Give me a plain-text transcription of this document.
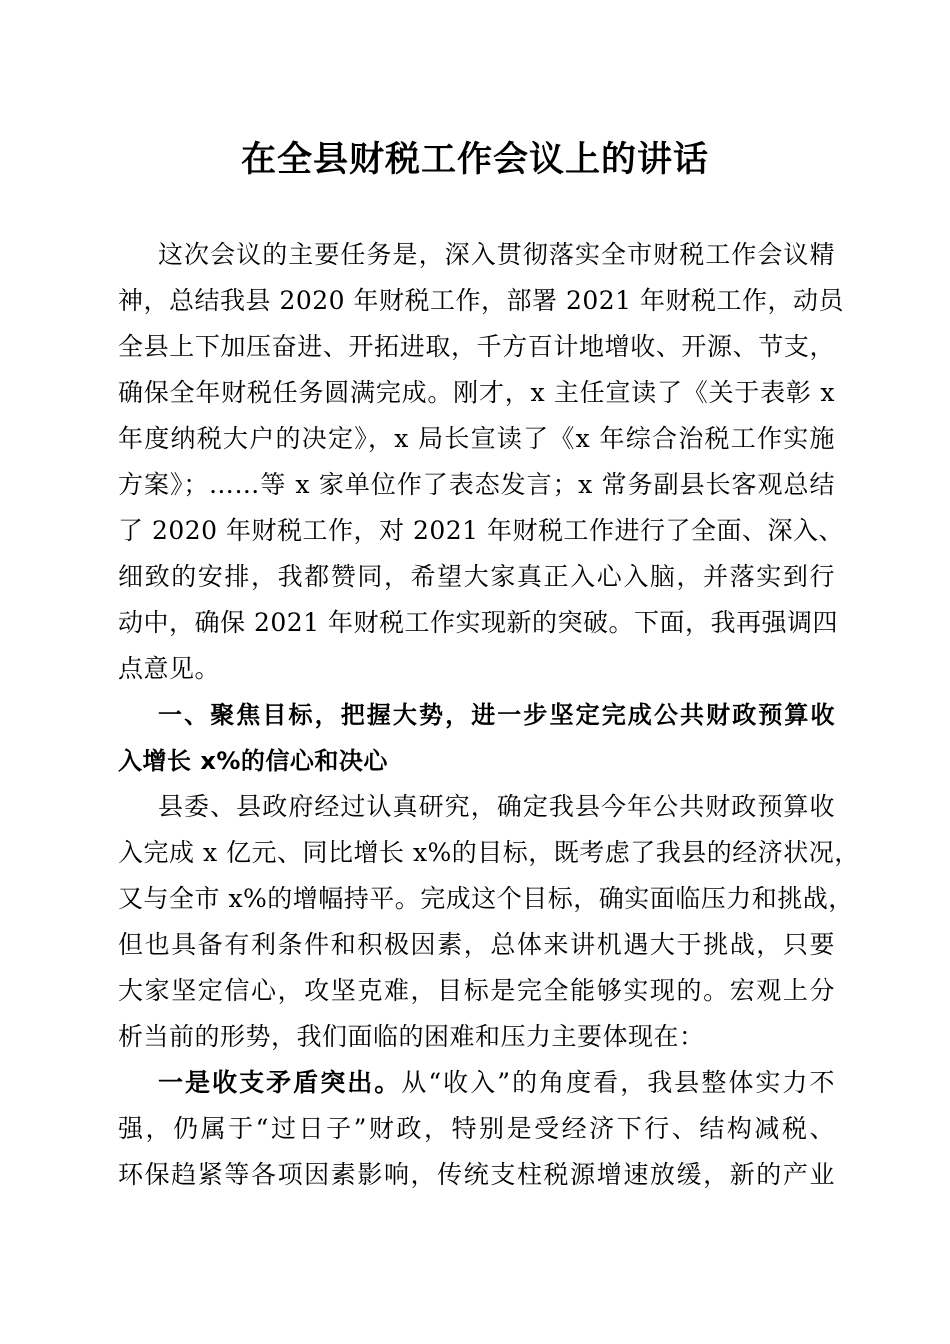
在全县财税工作会议上的讲话
这次会议的主要任务是，深入贯彻落实全市财税工作会议精
神，总结我县 2020 年财税工作，部署 2021 年财税工作，动员
全县上下加压奋进、开拓进取，千方百计地增收、开源、节支，
确保全年财税任务圆满完成。刚才，x 主任宣读了《关于表彰 x
年度纳税大户的决定》，x 局长宣读了《x 年综合治税工作实施
方案》；……等 x 家单位作了表态发言；x 常务副县长客观总结
了 2020 年财税工作，对 2021 年财税工作进行了全面、深入、
细致的安排，我都赞同，希望大家真正入心入脑，并落实到行
动中，确保 2021 年财税工作实现新的突破。下面，我再强调四
点意见。
一、聚焦目标，把握大势，进一步坚定完成公共财政预算收
入增长 x%的信心和决心
县委、县政府经过认真研究，确定我县今年公共财政预算收
入完成 x 亿元、同比增长 x%的目标，既考虑了我县的经济状况，
又与全市 x%的增幅持平。完成这个目标，确实面临压力和挑战，
但也具备有利条件和积极因素，总体来讲机遇大于挑战，只要
大家坚定信心，攻坚克难，目标是完全能够实现的。宏观上分
析当前的形势，我们面临的困难和压力主要体现在：
一是收支矛盾突出。从“收入”的角度看，我县整体实力不
强，仍属于“过日子”财政，特别是受经济下行、结构减税、
环保趋紧等各项因素影响，传统支柱税源增速放缓，新的产业
